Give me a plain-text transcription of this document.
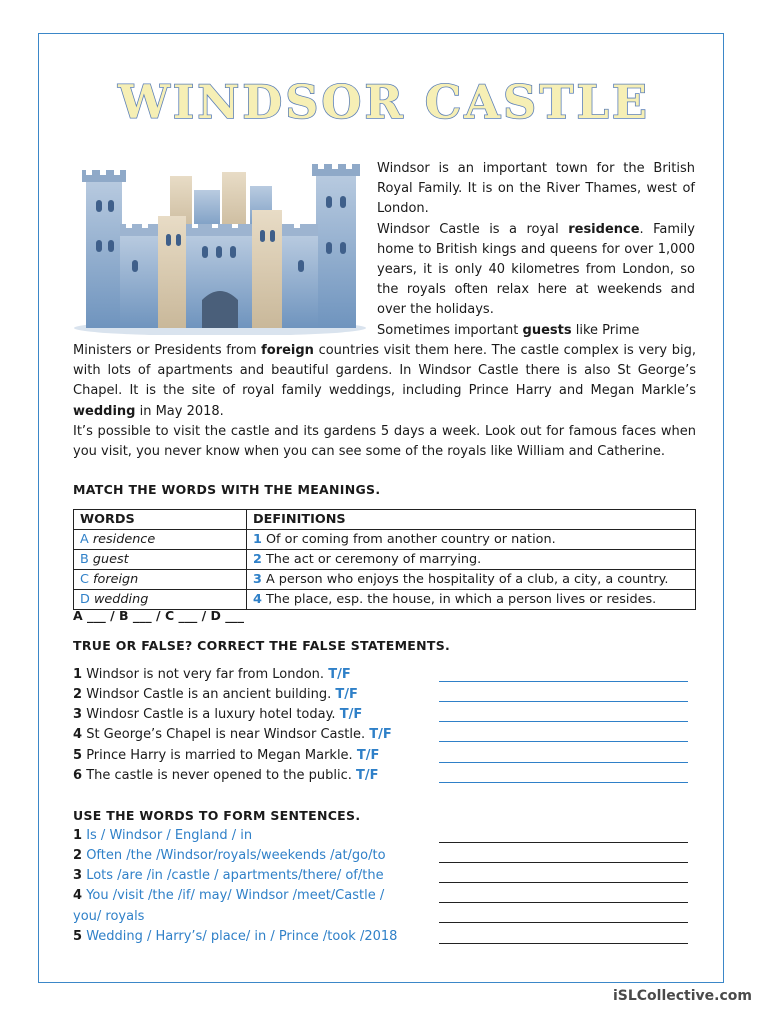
WINDSOR CASTLE

Windsor is an important town for the British Royal Family. It is on the River Thames, west of London.
Windsor Castle is a royal residence. Family home to British kings and queens for over 1,000 years, it is only 40 kilometres from London, so the royals often relax here at weekends and over the holidays.
Sometimes important guests like Prime

Ministers or Presidents from foreign countries visit them here. The castle complex is very big, with lots of apartments and beautiful gardens. In Windsor Castle there is also St George’s Chapel. It is the site of royal family weddings, including Prince Harry and Megan Markle’s wedding in May 2018.
It’s possible to visit the castle and its gardens 5 days a week. Look out for famous faces when you visit, you never know when you can see some of the royals like William and Catherine.

MATCH THE WORDS WITH THE MEANINGS.

WORDS	DEFINITIONS
A residence	1 Of or coming from another country or nation.
B guest	2 The act or ceremony of marrying.
C foreign	3 A person who enjoys the hospitality of a club, a city, a country.
D wedding	4 The place, esp. the house, in which a person lives or resides.
A ___ / B ___ / C ___ / D ___

TRUE OR FALSE? CORRECT THE FALSE STATEMENTS.

1 Windsor is not very far from London. T/F
2 Windsor Castle is an ancient building. T/F
3 Windosr Castle is a luxury hotel today. T/F
4 St George’s Chapel is near Windsor Castle. T/F
5 Prince Harry is married to Megan Markle. T/F
6 The castle is never opened to the public. T/F

USE THE WORDS TO FORM SENTENCES.

1 Is / Windsor / England / in
2 Often /the /Windsor/royals/weekends /at/go/to
3 Lots /are /in /castle / apartments/there/ of/the
4 You /visit /the /if/ may/ Windsor /meet/Castle /
you/ royals
5 Wedding / Harry’s/ place/ in / Prince /took /2018
iSLCollective.com
